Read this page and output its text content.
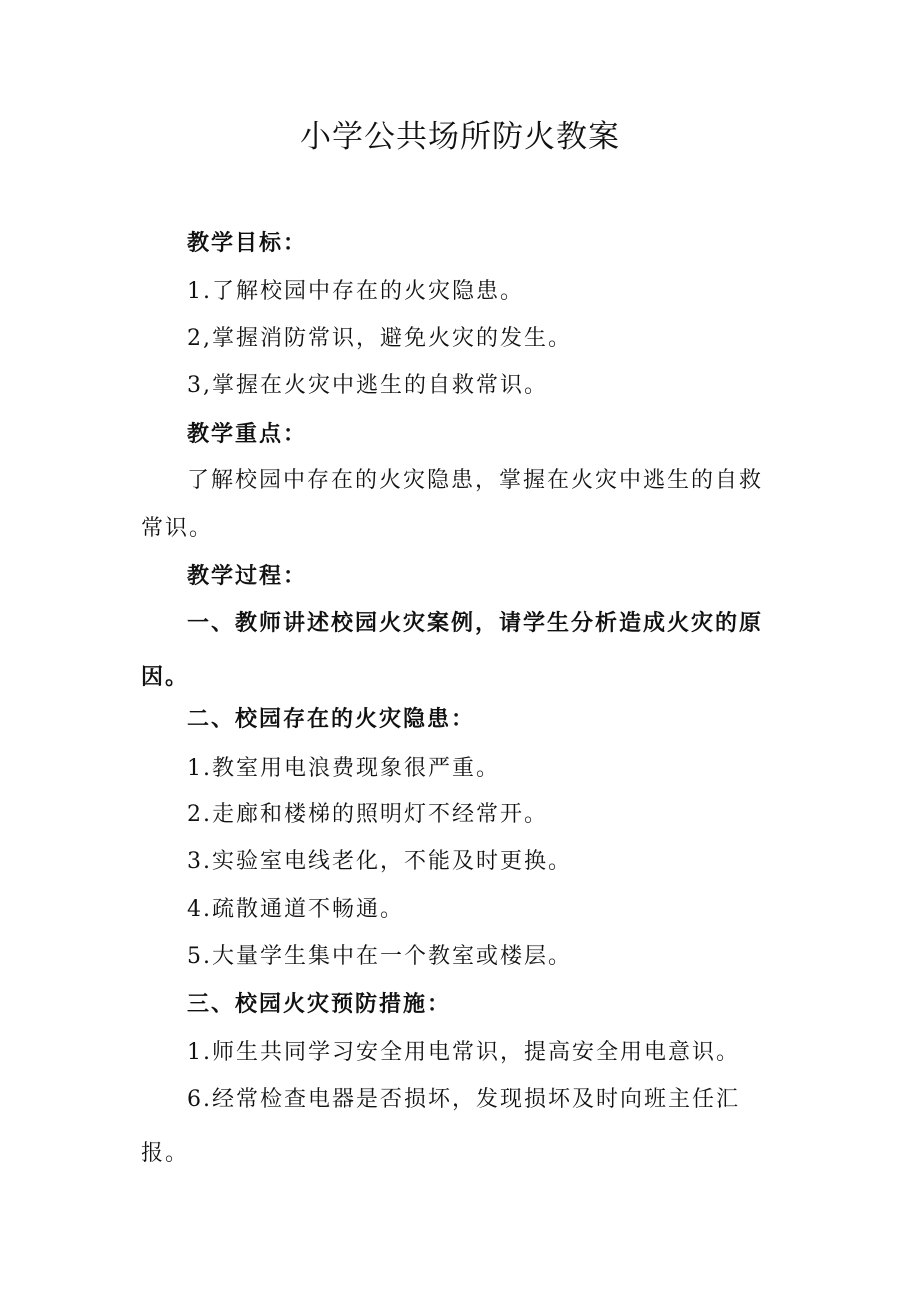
小学公共场所防火教案
教学目标：
1.了解校园中存在的火灾隐患。
2,掌握消防常识，避免火灾的发生。
3,掌握在火灾中逃生的自救常识。
教学重点：
了解校园中存在的火灾隐患，掌握在火灾中逃生的自救常识。
教学过程：
一、教师讲述校园火灾案例，请学生分析造成火灾的原因。
二、校园存在的火灾隐患：
1.教室用电浪费现象很严重。
2.走廊和楼梯的照明灯不经常开。
3.实验室电线老化，不能及时更换。
4.疏散通道不畅通。
5.大量学生集中在一个教室或楼层。
三、校园火灾预防措施：
1.师生共同学习安全用电常识，提高安全用电意识。
6.经常检查电器是否损坏，发现损坏及时向班主任汇报。
